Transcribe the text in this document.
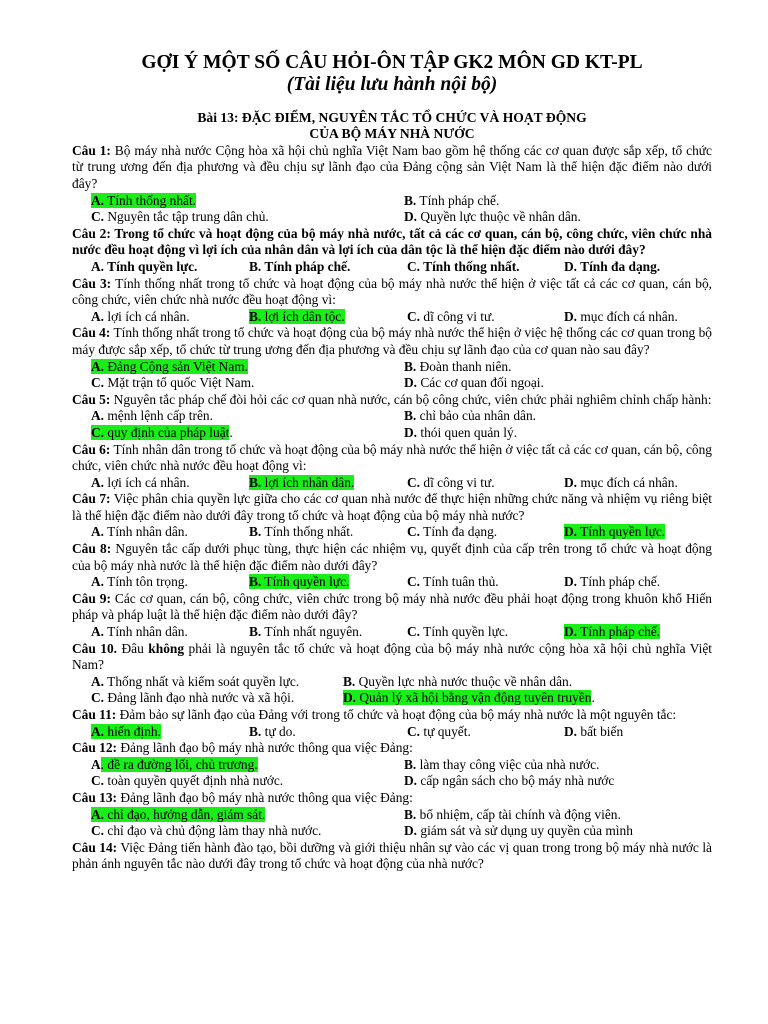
GỢI Ý MỘT SỐ CÂU HỎI-ÔN TẬP GK2 MÔN GD KT-PL

(Tài liệu lưu hành nội bộ)

Bài 13: ĐẶC ĐIỂM, NGUYÊN TẮC TỔ CHỨC VÀ HOẠT ĐỘNG

CỦA BỘ MÁY NHÀ NƯỚC

Câu 1: Bộ máy nhà nước Cộng hòa xã hội chủ nghĩa Việt Nam bao gồm hệ thống các cơ quan được sắp xếp, tổ chức từ trung ương đến địa phương và đều chịu sự lãnh đạo của Đảng cộng sản Việt Nam là thể hiện đặc điểm nào dưới đây?

A. Tính thống nhất.	B. Tính pháp chế.
C. Nguyên tắc tập trung dân chủ.	D. Quyền lực thuộc về nhân dân.

Câu 2: Trong tổ chức và hoạt động của bộ máy nhà nước, tất cả các cơ quan, cán bộ, công chức, viên chức nhà nước đều hoạt động vì lợi ích của nhân dân và lợi ích của dân tộc là thể hiện đặc điểm nào dưới đây?

A. Tính quyền lực.	B. Tính pháp chế.	C. Tính thống nhất.	D. Tính đa dạng.

Câu 3: Tính thống nhất trong tổ chức và hoạt động của bộ máy nhà nước thể hiện ở việc tất cả các cơ quan, cán bộ, công chức, viên chức nhà nước đều hoạt động vì:

A. lợi ích cá nhân.	B. lợi ích dân tộc.	C. dĩ công vi tư.	D. mục đích cá nhân.

Câu 4: Tính thống nhất trong tổ chức và hoạt động của bộ máy nhà nước thể hiện ở việc hệ thống các cơ quan trong bộ máy được sắp xếp, tổ chức từ trung ương đến địa phương và đều chịu sự lãnh đạo của cơ quan nào sau đây?

A. Đảng Cộng sản Việt Nam.	B. Đoàn thanh niên.
C. Mặt trận tổ quốc Việt Nam.	D. Các cơ quan đối ngoại.

Câu 5: Nguyên tắc pháp chế đòi hỏi các cơ quan nhà nước, cán bộ công chức, viên chức phải nghiêm chỉnh chấp hành:

A. mệnh lệnh cấp trên.	B. chỉ bảo của nhân dân.
C. quy định của pháp luật.	D. thói quen quản lý.

Câu 6: Tính nhân dân trong tổ chức và hoạt động của bộ máy nhà nước thể hiện ở việc tất cả các cơ quan, cán bộ, công chức, viên chức nhà nước đều hoạt động vì:

A. lợi ích cá nhân.	B. lợi ích nhân dân.	C. dĩ công vi tư.	D. mục đích cá nhân.

Câu 7: Việc phân chia quyền lực giữa cho các cơ quan nhà nước để thực hiện những chức năng và nhiệm vụ riêng biệt là thể hiện đặc điểm nào dưới đây trong tổ chức và hoạt động của bộ máy nhà nước?

A. Tính nhân dân.	B. Tính thống nhất.	C. Tính đa dạng.	D. Tính quyền lực.

Câu 8: Nguyên tắc cấp dưới phục tùng, thực hiện các nhiệm vụ, quyết định của cấp trên trong tổ chức và hoạt động của bộ máy nhà nước là thể hiện đặc điểm nào dưới đây?

A. Tính tôn trọng.	B. Tính quyền lực.	C. Tính tuân thủ.	D. Tính pháp chế.

Câu 9: Các cơ quan, cán bộ, công chức, viên chức trong bộ máy nhà nước đều phải hoạt động trong khuôn khổ Hiến pháp và pháp luật là thể hiện đặc điểm nào dưới đây?

A. Tính nhân dân.	B. Tính nhất nguyên.	C. Tính quyền lực.	D. Tính pháp chế.

Câu 10. Đâu không phải là nguyên tắc tổ chức và hoạt động của bộ máy nhà nước cộng hòa xã hội chủ nghĩa Việt Nam?

A. Thống nhất và kiểm soát quyền lực.	B. Quyền lực nhà nước thuộc về nhân dân.
C. Đảng lãnh đạo nhà nước và xã hội.	D. Quản lý xã hội bằng vận động tuyên truyền.

Câu 11: Đảm bảo sự lãnh đạo của Đảng với trong tổ chức và hoạt động của bộ máy nhà nước là một nguyên tắc:

A. hiến định.	B. tự do.	C. tự quyết.	D. bất biến

Câu 12: Đảng lãnh đạo bộ máy nhà nước thông qua việc Đảng:

A. đề ra đường lối, chủ trương.	B. làm thay công việc của nhà nước.
C. toàn quyền quyết định nhà nước.	D. cấp ngân sách cho bộ máy nhà nước

Câu 13: Đảng lãnh đạo bộ máy nhà nước thông qua việc Đảng:

A. chỉ đạo, hướng dẫn, giám sát.	B. bổ nhiệm, cấp tài chính và động viên.
C. chỉ đạo và chủ động làm thay nhà nước.	D. giám sát và sử dụng uy quyền của mình

Câu 14: Việc Đảng tiến hành đào tạo, bồi dưỡng và giới thiệu nhân sự vào các vị quan trong trong bộ máy nhà nước là phản ánh nguyên tắc nào dưới đây trong tổ chức và hoạt động của nhà nước?
